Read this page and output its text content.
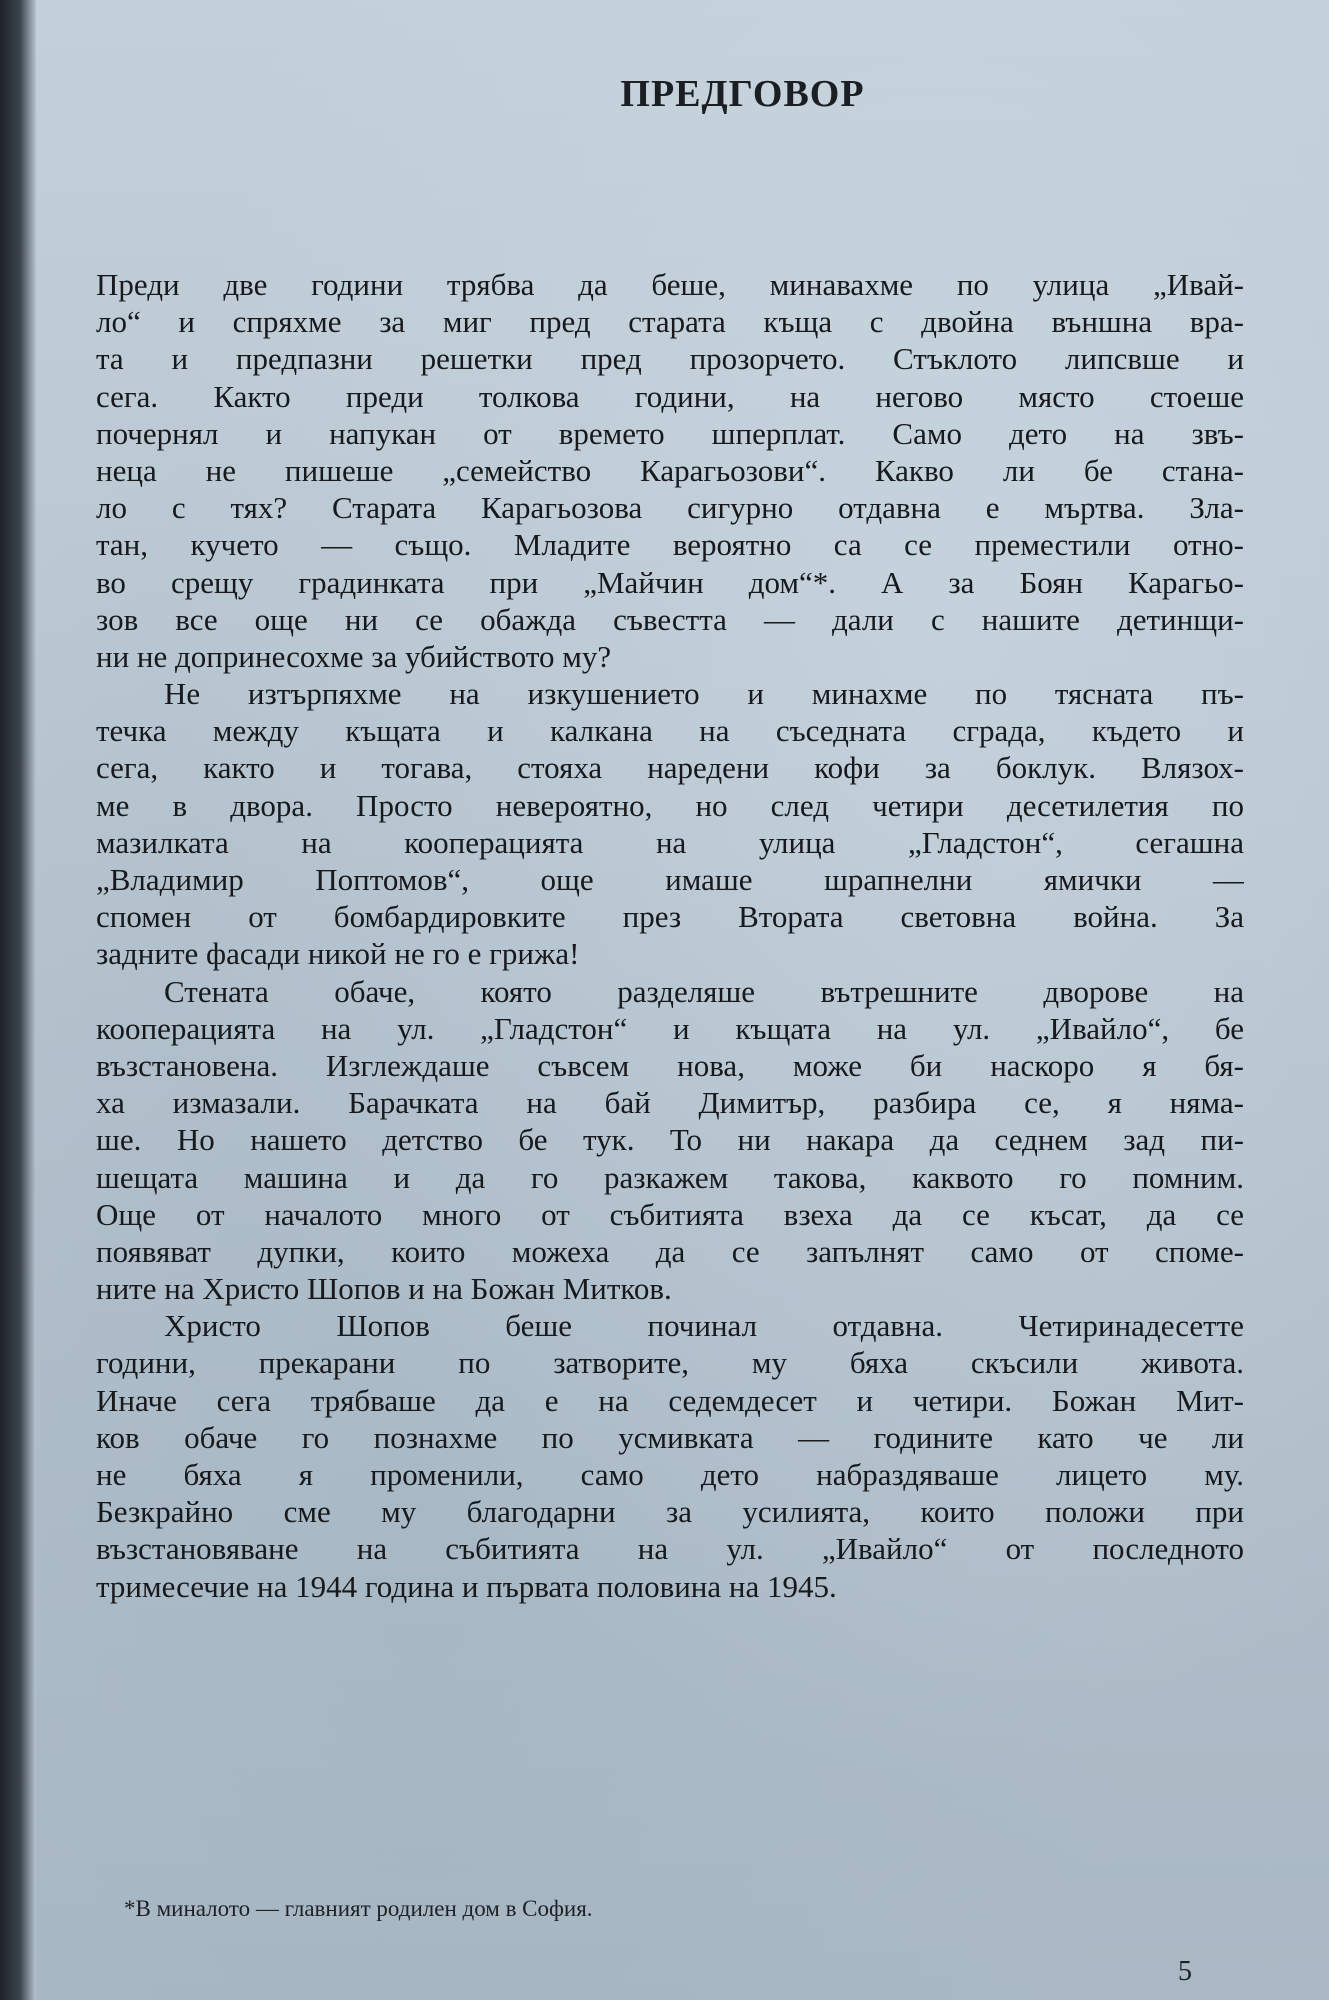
ПРЕДГОВОР

Преди две години трябва да беше, минавахме по улица „Ивай-
ло“ и спряхме за миг пред старата къща с двойна външна вра-
та и предпазни решетки пред прозорчето. Стъклото липсвше и
сега. Както преди толкова години, на негово място стоеше
почернял и напукан от времето шперплат. Само дето на звъ-
неца не пишеше „семейство Карагьозови“. Какво ли бе стана-
ло с тях? Старата Карагьозова сигурно отдавна е мъртва. Зла-
тан, кучето — също. Младите вероятно са се преместили отно-
во срещу градинката при „Майчин дом“*. А за Боян Карагьо-
зов все още ни се обажда съвестта — дали с нашите детинщи-
ни не допринесохме за убийството му?

Не изтърпяхме на изкушението и минахме по тясната пъ-
течка между къщата и калкана на съседната сграда, където и
сега, както и тогава, стояха наредени кофи за боклук. Влязох-
ме в двора. Просто невероятно, но след четири десетилетия по
мазилката на кооперацията на улица „Гладстон“, сегашна
„Владимир Поптомов“, още имаше шрапнелни ямички —
спомен от бомбардировките през Втората световна война. За
задните фасади никой не го е грижа!

Стената обаче, която разделяше вътрешните дворове на
кооперацията на ул. „Гладстон“ и къщата на ул. „Ивайло“, бе
възстановена. Изглеждаше съвсем нова, може би наскоро я бя-
ха измазали. Барачката на бай Димитър, разбира се, я няма-
ше. Но нашето детство бе тук. То ни накара да седнем зад пи-
шещата машина и да го разкажем такова, каквото го помним.
Още от началото много от събитията взеха да се късат, да се
появяват дупки, които можеха да се запълнят само от споме-
ните на Христо Шопов и на Божан Митков.

Христо Шопов беше починал отдавна. Четиринадесетте
години, прекарани по затворите, му бяха скъсили живота.
Иначе сега трябваше да е на седемдесет и четири. Божан Мит-
ков обаче го познахме по усмивката — годините като че ли
не бяха я променили, само дето набраздяваше лицето му.
Безкрайно сме му благодарни за усилията, които положи при
възстановяване на събитията на ул. „Ивайло“ от последното
тримесечие на 1944 година и първата половина на 1945.

*В миналото — главният родилен дом в София.

5
